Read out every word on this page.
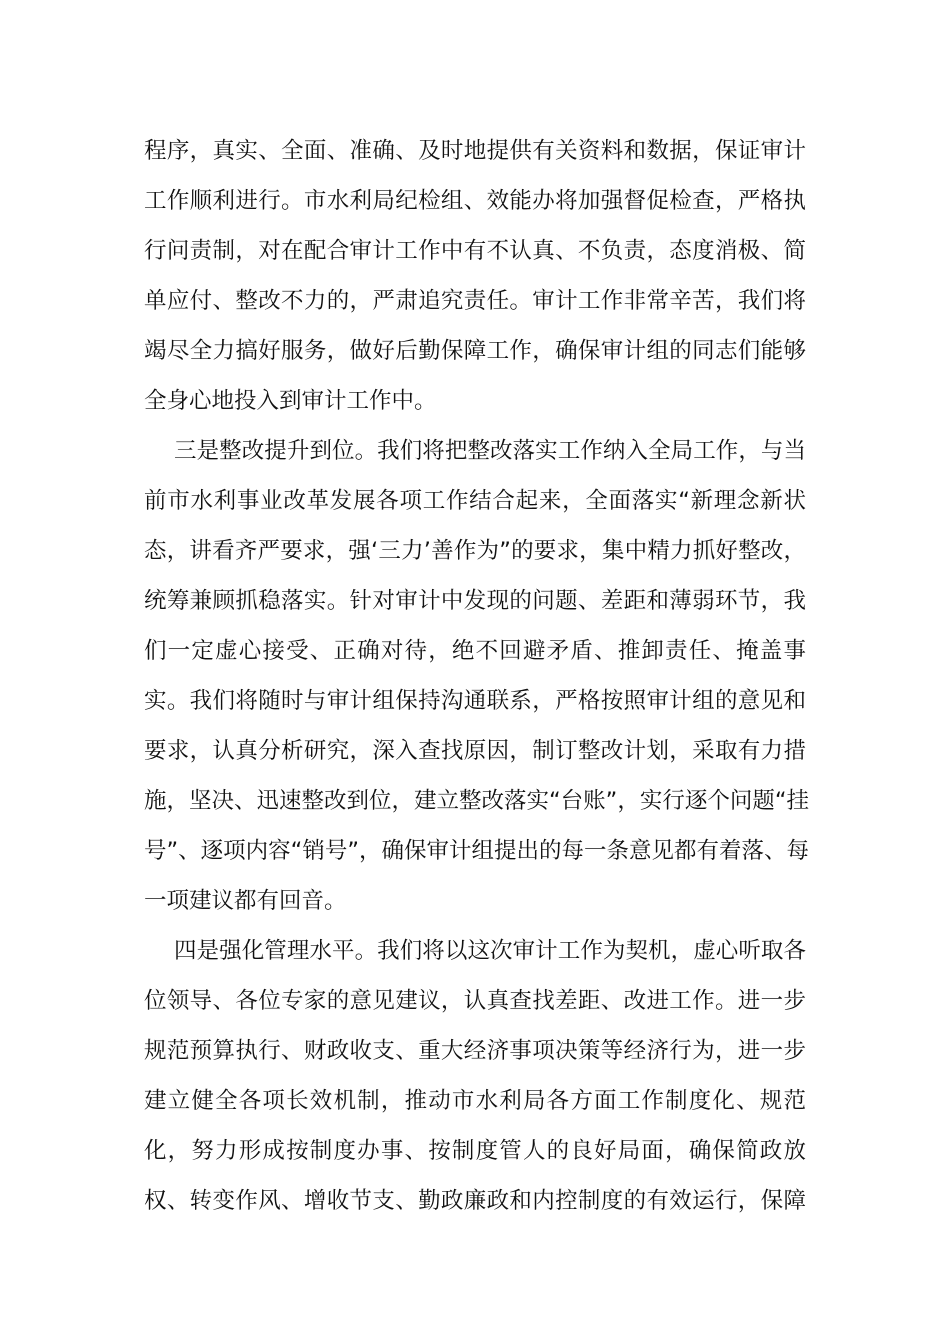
程序，真实、全面、准确、及时地提供有关资料和数据，保证审计
工作顺利进行。市水利局纪检组、效能办将加强督促检查，严格执
行问责制，对在配合审计工作中有不认真、不负责，态度消极、简
单应付、整改不力的，严肃追究责任。审计工作非常辛苦，我们将
竭尽全力搞好服务，做好后勤保障工作，确保审计组的同志们能够
全身心地投入到审计工作中。
三是整改提升到位。我们将把整改落实工作纳入全局工作，与当
前市水利事业改革发展各项工作结合起来，全面落实“新理念新状
态，讲看齐严要求，强‘三力’善作为”的要求，集中精力抓好整改，
统筹兼顾抓稳落实。针对审计中发现的问题、差距和薄弱环节，我
们一定虚心接受、正确对待，绝不回避矛盾、推卸责任、掩盖事
实。我们将随时与审计组保持沟通联系，严格按照审计组的意见和
要求，认真分析研究，深入查找原因，制订整改计划，采取有力措
施，坚决、迅速整改到位，建立整改落实“台账”，实行逐个问题“挂
号”、逐项内容“销号”，确保审计组提出的每一条意见都有着落、每
一项建议都有回音。
四是强化管理水平。我们将以这次审计工作为契机，虚心听取各
位领导、各位专家的意见建议，认真查找差距、改进工作。进一步
规范预算执行、财政收支、重大经济事项决策等经济行为，进一步
建立健全各项长效机制，推动市水利局各方面工作制度化、规范
化，努力形成按制度办事、按制度管人的良好局面，确保简政放
权、转变作风、增收节支、勤政廉政和内控制度的有效运行，保障
